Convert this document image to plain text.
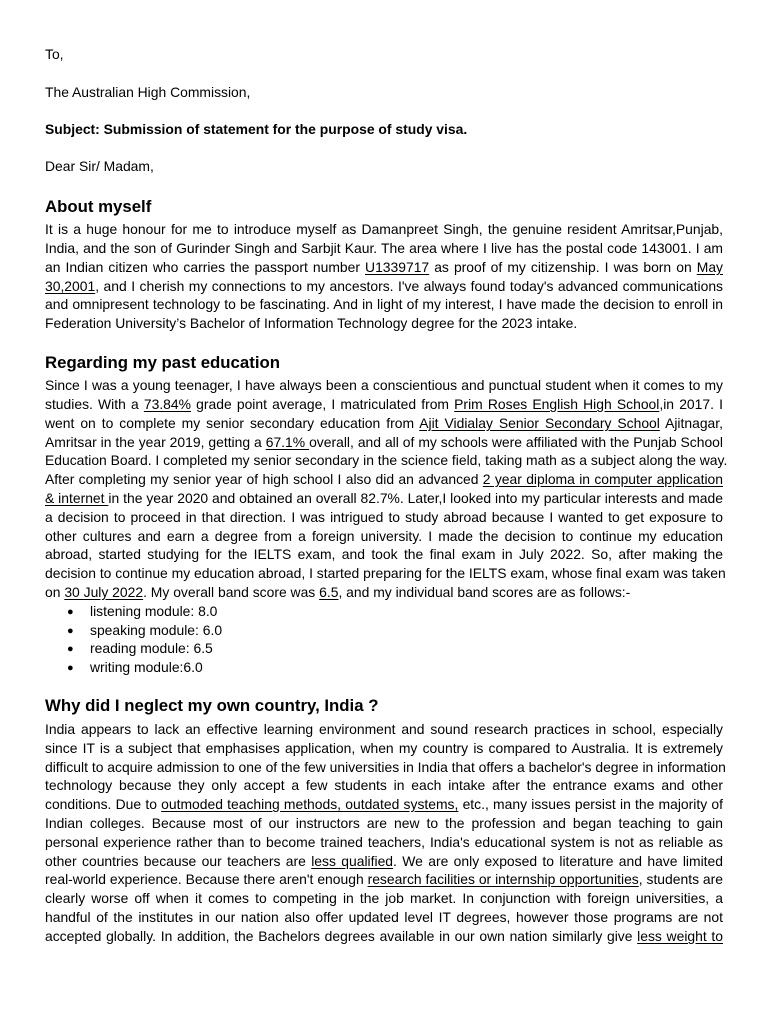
To,
The Australian High Commission,
Subject: Submission of statement for the purpose of study visa.
Dear Sir/ Madam,
About myself
It is a huge honour for me to introduce myself as Damanpreet Singh, the genuine resident Amritsar,Punjab,
India, and the son of Gurinder Singh and Sarbjit Kaur. The area where I live has the postal code 143001. I am
an Indian citizen who carries the passport number U1339717 as proof of my citizenship. I was born on May
30,2001, and I cherish my connections to my ancestors. I've always found today's advanced communications
and omnipresent technology to be fascinating. And in light of my interest, I have made the decision to enroll in
Federation University’s Bachelor of Information Technology degree for the 2023 intake.
Regarding my past education
Since I was a young teenager, I have always been a conscientious and punctual student when it comes to my
studies. With a 73.84% grade point average, I matriculated from Prim Roses English High School,in 2017. I
went on to complete my senior secondary education from Ajit Vidialay Senior Secondary School Ajitnagar,
Amritsar in the year 2019, getting a 67.1% overall, and all of my schools were affiliated with the Punjab School
Education Board. I completed my senior secondary in the science field, taking math as a subject along the way.
After completing my senior year of high school I also did an advanced 2 year diploma in computer application
& internet in the year 2020 and obtained an overall 82.7%. Later,I looked into my particular interests and made
a decision to proceed in that direction. I was intrigued to study abroad because I wanted to get exposure to
other cultures and earn a degree from a foreign university. I made the decision to continue my education
abroad, started studying for the IELTS exam, and took the final exam in July 2022. So, after making the
decision to continue my education abroad, I started preparing for the IELTS exam, whose final exam was taken
on 30 July 2022. My overall band score was 6.5, and my individual band scores are as follows:-
● listening module: 8.0
● speaking module: 6.0
● reading module: 6.5
● writing module:6.0
Why did I neglect my own country, India ?
India appears to lack an effective learning environment and sound research practices in school, especially
since IT is a subject that emphasises application, when my country is compared to Australia. It is extremely
difficult to acquire admission to one of the few universities in India that offers a bachelor's degree in information
technology because they only accept a few students in each intake after the entrance exams and other
conditions. Due to outmoded teaching methods, outdated systems, etc., many issues persist in the majority of
Indian colleges. Because most of our instructors are new to the profession and began teaching to gain
personal experience rather than to become trained teachers, India's educational system is not as reliable as
other countries because our teachers are less qualified. We are only exposed to literature and have limited
real-world experience. Because there aren't enough research facilities or internship opportunities, students are
clearly worse off when it comes to competing in the job market. In conjunction with foreign universities, a
handful of the institutes in our nation also offer updated level IT degrees, however those programs are not
accepted globally. In addition, the Bachelors degrees available in our own nation similarly give less weight to
